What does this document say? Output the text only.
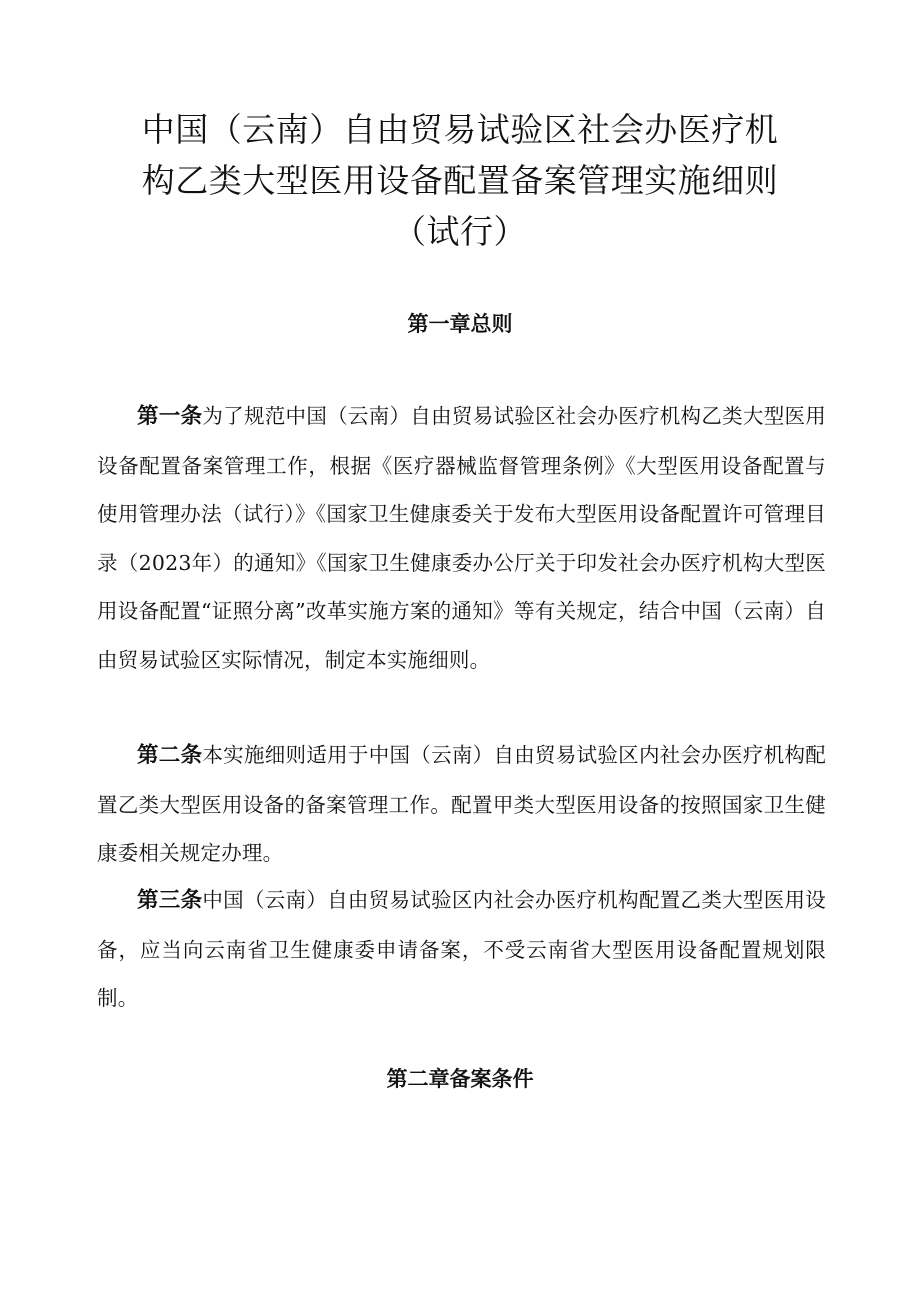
中国（云南）自由贸易试验区社会办医疗机
构乙类大型医用设备配置备案管理实施细则
（试行）
第一章总则

第一条为了规范中国（云南）自由贸易试验区社会办医疗机构乙类大型医用设备配置备案管理工作，根据《医疗器械监督管理条例》《大型医用设备配置与使用管理办法（试行）》《国家卫生健康委关于发布大型医用设备配置许可管理目录（2023年）的通知》《国家卫生健康委办公厅关于印发社会办医疗机构大型医用设备配置“证照分离”改革实施方案的通知》等有关规定，结合中国（云南）自由贸易试验区实际情况，制定本实施细则。

第二条本实施细则适用于中国（云南）自由贸易试验区内社会办医疗机构配置乙类大型医用设备的备案管理工作。配置甲类大型医用设备的按照国家卫生健康委相关规定办理。

第三条中国（云南）自由贸易试验区内社会办医疗机构配置乙类大型医用设备，应当向云南省卫生健康委申请备案，不受云南省大型医用设备配置规划限制。

第二章备案条件
